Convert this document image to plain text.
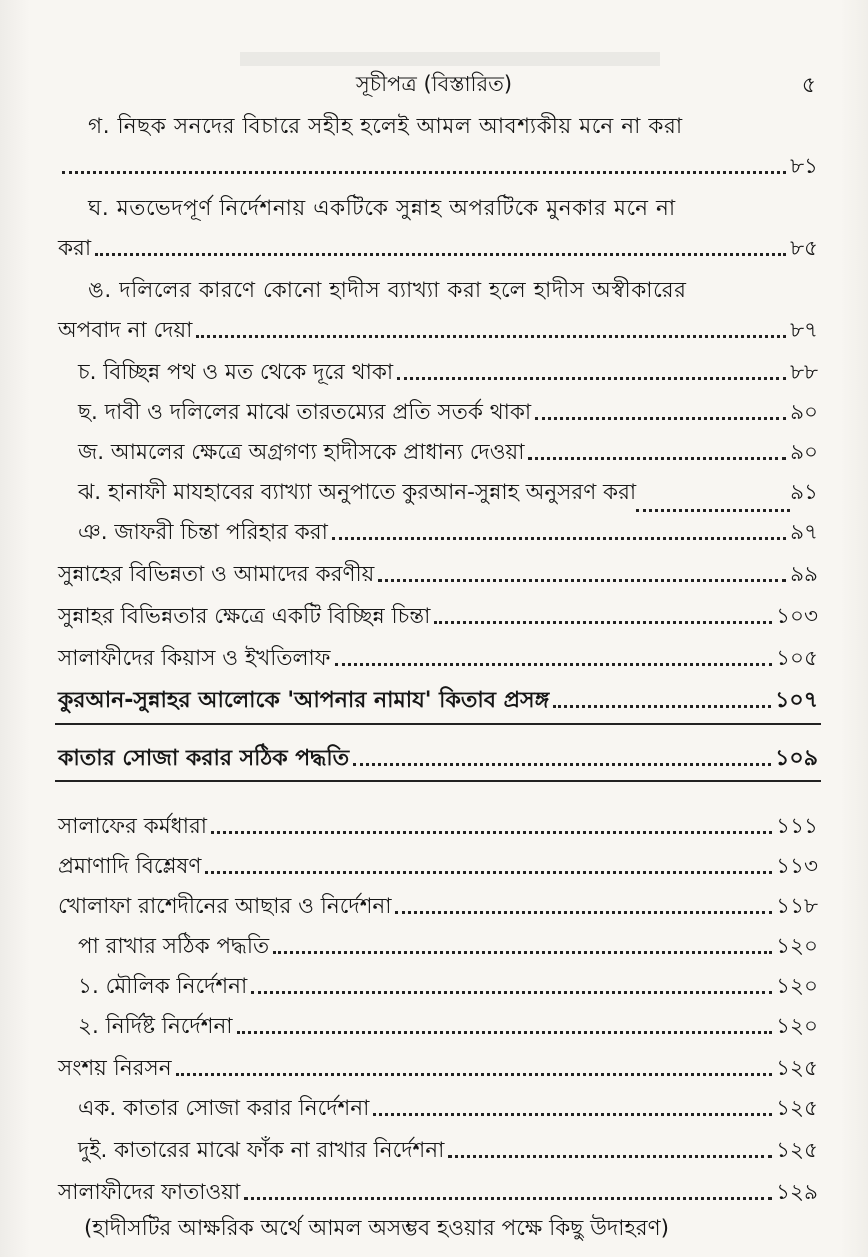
সূচীপত্র (বিস্তারিত)	৫
গ. নিছক সনদের বিচারে সহীহ হলেই আমল আবশ্যকীয় মনে না করা
৮১
ঘ. মতভেদপূর্ণ নির্দেশনায় একটিকে সুন্নাহ অপরটিকে মুনকার মনে না
করা	৮৫
ঙ. দলিলের কারণে কোনো হাদীস ব্যাখ্যা করা হলে হাদীস অস্বীকারের
অপবাদ না দেয়া	৮৭
চ. বিচ্ছিন্ন পথ ও মত থেকে দূরে থাকা	৮৮
ছ. দাবী ও দলিলের মাঝে তারতম্যের প্রতি সতর্ক থাকা	৯০
জ. আমলের ক্ষেত্রে অগ্রগণ্য হাদীসকে প্রাধান্য দেওয়া	৯০
ঝ. হানাফী মাযহাবের ব্যাখ্যা অনুপাতে কুরআন-সুন্নাহ অনুসরণ করা	৯১
ঞ. জাফরী চিন্তা পরিহার করা	৯৭
সুন্নাহের বিভিন্নতা ও আমাদের করণীয়	৯৯
সুন্নাহর বিভিন্নতার ক্ষেত্রে একটি বিচ্ছিন্ন চিন্তা	১০৩
সালাফীদের কিয়াস ও ইখতিলাফ	১০৫
কুরআন-সুন্নাহর আলোকে 'আপনার নামায' কিতাব প্রসঙ্গ	১০৭
কাতার সোজা করার সঠিক পদ্ধতি	১০৯
সালাফের কর্মধারা	১১১
প্রমাণাদি বিশ্লেষণ	১১৩
খোলাফা রাশেদীনের আছার ও নির্দেশনা	১১৮
পা রাখার সঠিক পদ্ধতি	১২০
১. মৌলিক নির্দেশনা	১২০
২. নির্দিষ্ট নির্দেশনা	১২০
সংশয় নিরসন	১২৫
এক. কাতার সোজা করার নির্দেশনা	১২৫
দুই. কাতারের মাঝে ফাঁক না রাখার নির্দেশনা	১২৫
সালাফীদের ফাতাওয়া	১২৯
(হাদীসটির আক্ষরিক অর্থে আমল অসম্ভব হওয়ার পক্ষে কিছু উদাহরণ)
